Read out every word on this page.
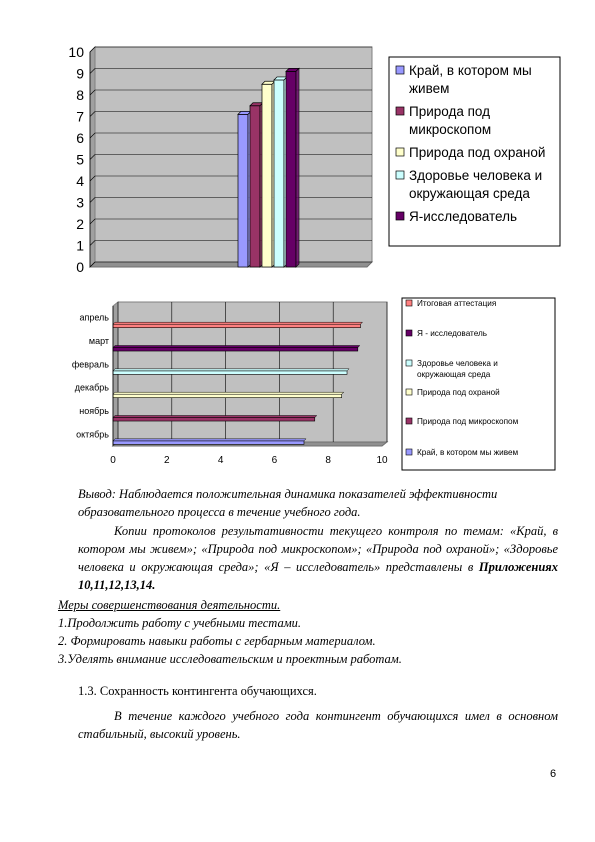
0
1
2
3
4
5
6
7
8
9
10
Край, в котором мы
живем
Природа под
микроскопом
Природа под охраной
Здоровье человека и
окружающая среда
Я-исследователь
0	2	4	6	8	10
октябрь
ноябрь
декабрь
февраль
март
апрель
Итоговая аттестация
Я - исследователь
Здоровье человека и
окружающая среда
Природа под охраной
Природа под микроскопом
Край, в котором мы живем

Вывод: Наблюдается положительная динамика показателей эффективности образовательного процесса в течение учебного года.

Копии протоколов результативности текущего контроля по темам: «Край, в котором мы живем»; «Природа под микроскопом»; «Природа под охраной»; «Здоровье человека и окружающая среда»; «Я – исследователь» представлены в Приложениях 10,11,12,13,14.

Меры совершенствования деятельности.

1.Продолжить работу с учебными тестами.

2. Формировать навыки работы с гербарным материалом.

3.Уделять внимание исследовательским и проектным работам.

1.3. Сохранность контингента обучающихся.

В течение каждого учебного года контингент обучающихся имел в основном стабильный, высокий уровень.

6
